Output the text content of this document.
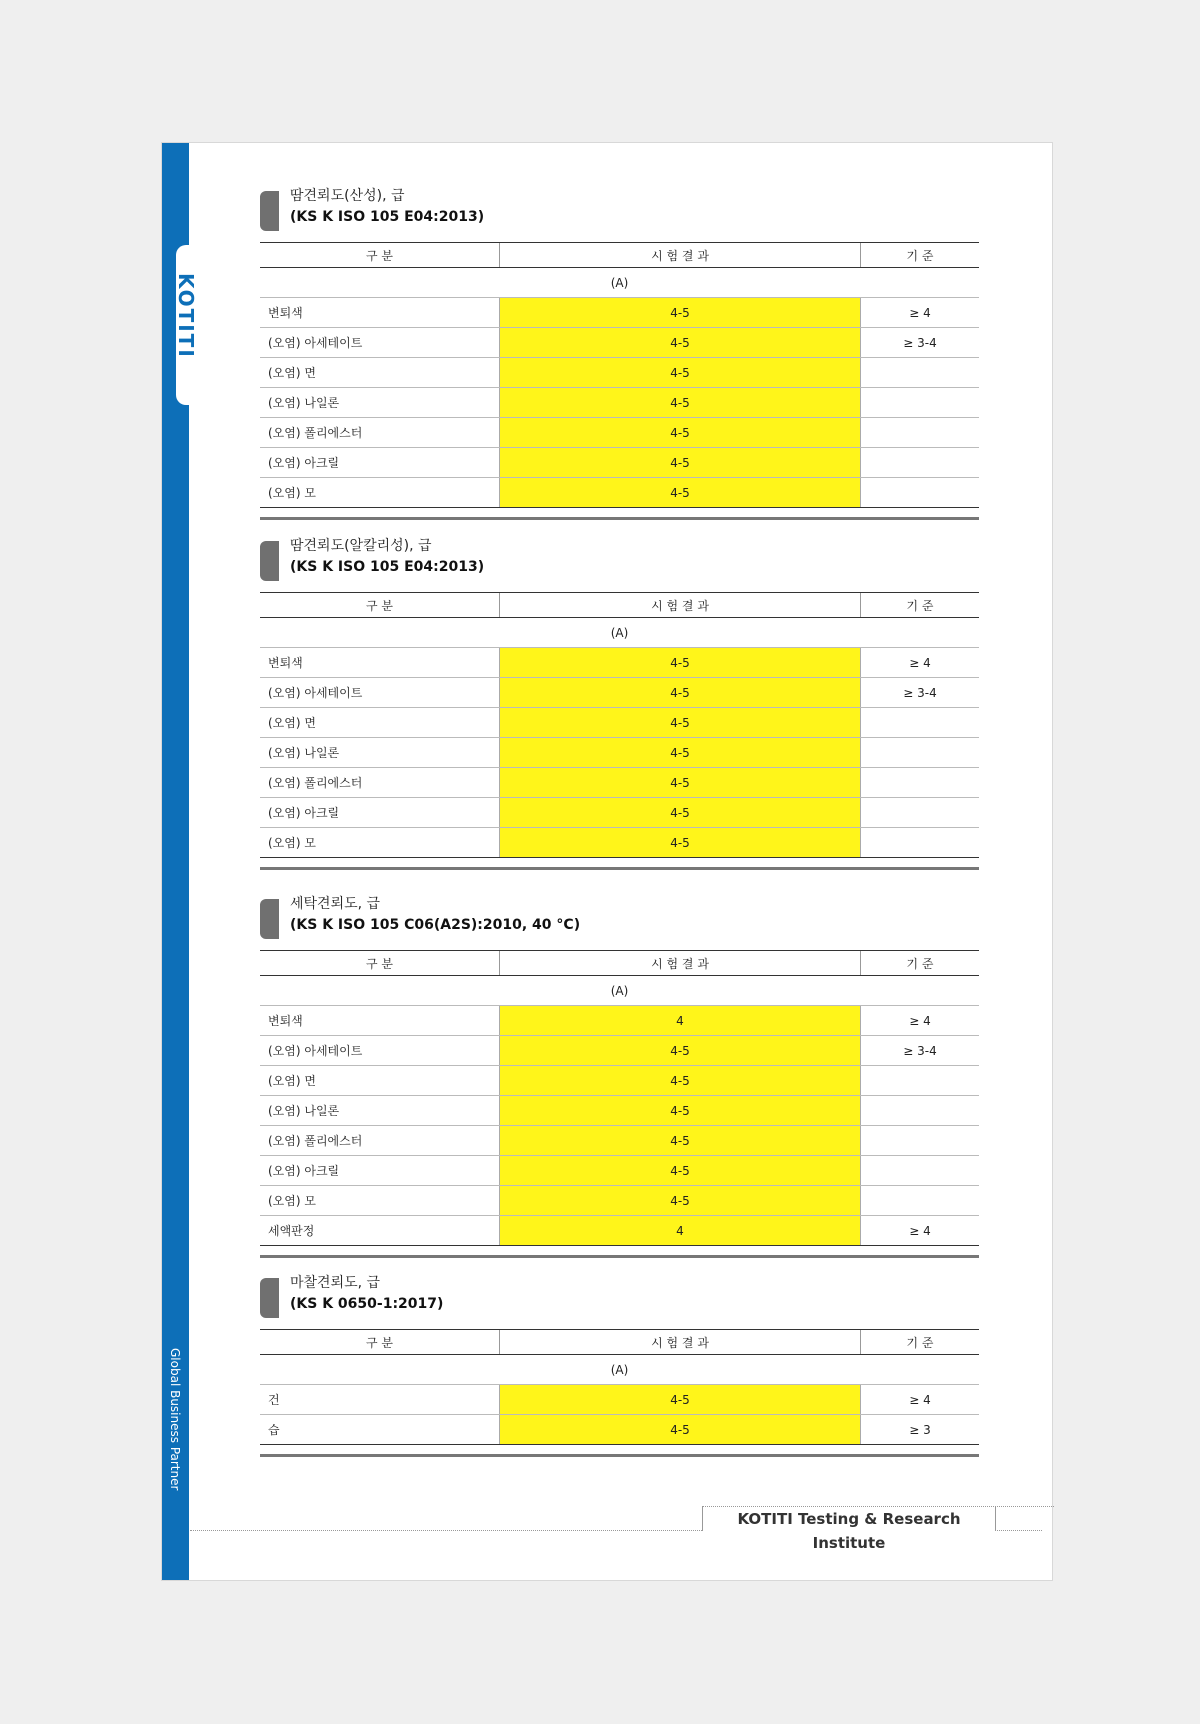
KOTITI
Global Business Partner
땀견뢰도(산성), 급
(KS K ISO 105 E04:2013)
구 분	시 험 결 과	기 준
(A)		
변퇴색	4-5	≥ 4
(오염) 아세테이트	4-5	≥ 3-4
(오염) 면	4-5	
(오염) 나일론	4-5	
(오염) 폴리에스터	4-5	
(오염) 아크릴	4-5	
(오염) 모	4-5	
땀견뢰도(알칼리성), 급
(KS K ISO 105 E04:2013)
구 분	시 험 결 과	기 준
(A)		
변퇴색	4-5	≥ 4
(오염) 아세테이트	4-5	≥ 3-4
(오염) 면	4-5	
(오염) 나일론	4-5	
(오염) 폴리에스터	4-5	
(오염) 아크릴	4-5	
(오염) 모	4-5	
세탁견뢰도, 급
(KS K ISO 105 C06(A2S):2010, 40 °C)
구 분	시 험 결 과	기 준
(A)		
변퇴색	4	≥ 4
(오염) 아세테이트	4-5	≥ 3-4
(오염) 면	4-5	
(오염) 나일론	4-5	
(오염) 폴리에스터	4-5	
(오염) 아크릴	4-5	
(오염) 모	4-5	
세액판정	4	≥ 4
마찰견뢰도, 급
(KS K 0650-1:2017)
구 분	시 험 결 과	기 준
(A)		
건	4-5	≥ 4
습	4-5	≥ 3
KOTITI Testing & Research Institute
